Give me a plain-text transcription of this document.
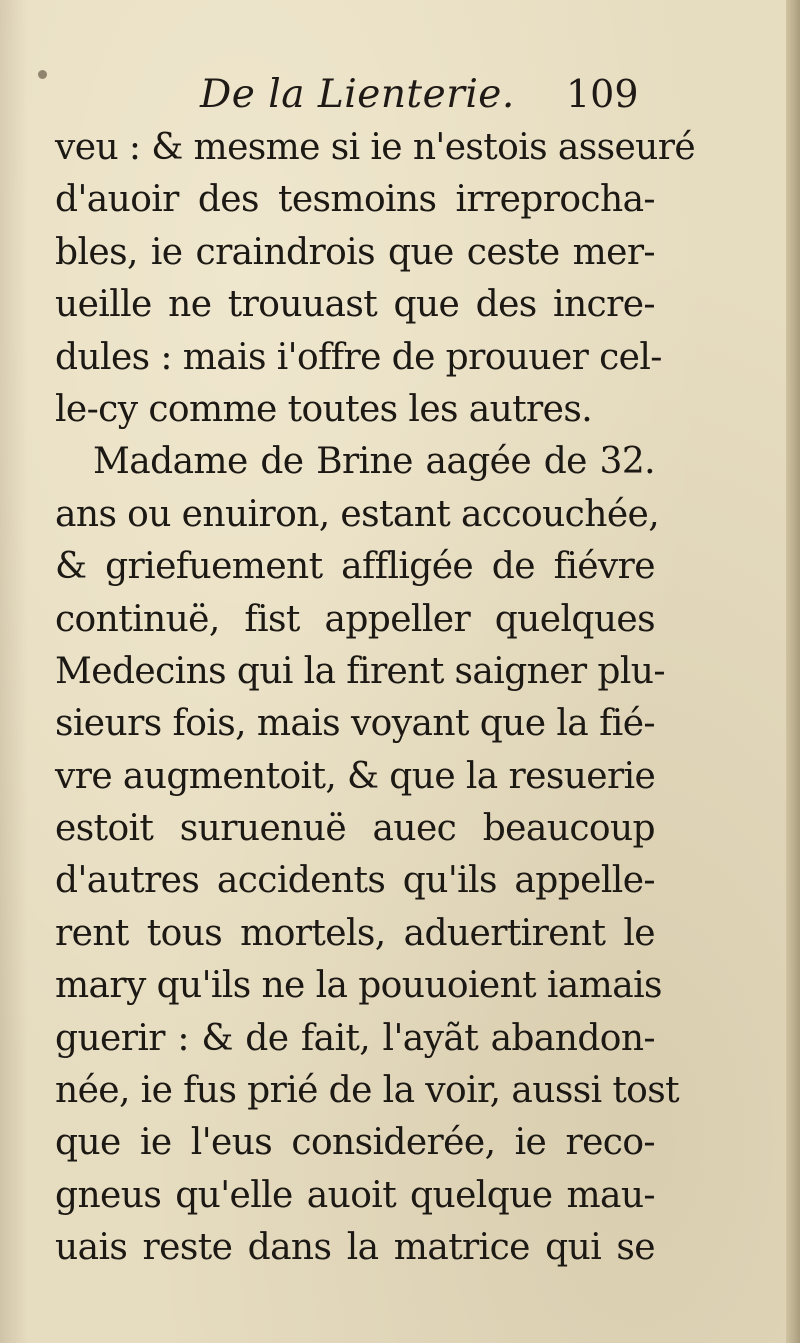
De la Lienterie. 109
veu : & mesme si ie n'estois asseuré
d'auoir des tesmoins irreprocha-
bles, ie craindrois que ceste mer-
ueille ne trouuast que des incre-
dules : mais i'offre de prouuer cel-
le-cy comme toutes les autres.
Madame de Brine aagée de 32.
ans ou enuiron, estant accouchée,
& griefuement affligée de fiévre
continuë, fist appeller quelques
Medecins qui la firent saigner plu-
sieurs fois, mais voyant que la fié-
vre augmentoit, & que la resuerie
estoit suruenuë auec beaucoup
d'autres accidents qu'ils appelle-
rent tous mortels, aduertirent le
mary qu'ils ne la pouuoient iamais
guerir : & de fait, l'ayãt abandon-
née, ie fus prié de la voir, aussi tost
que ie l'eus considerée, ie reco-
gneus qu'elle auoit quelque mau-
uais reste dans la matrice qui se
